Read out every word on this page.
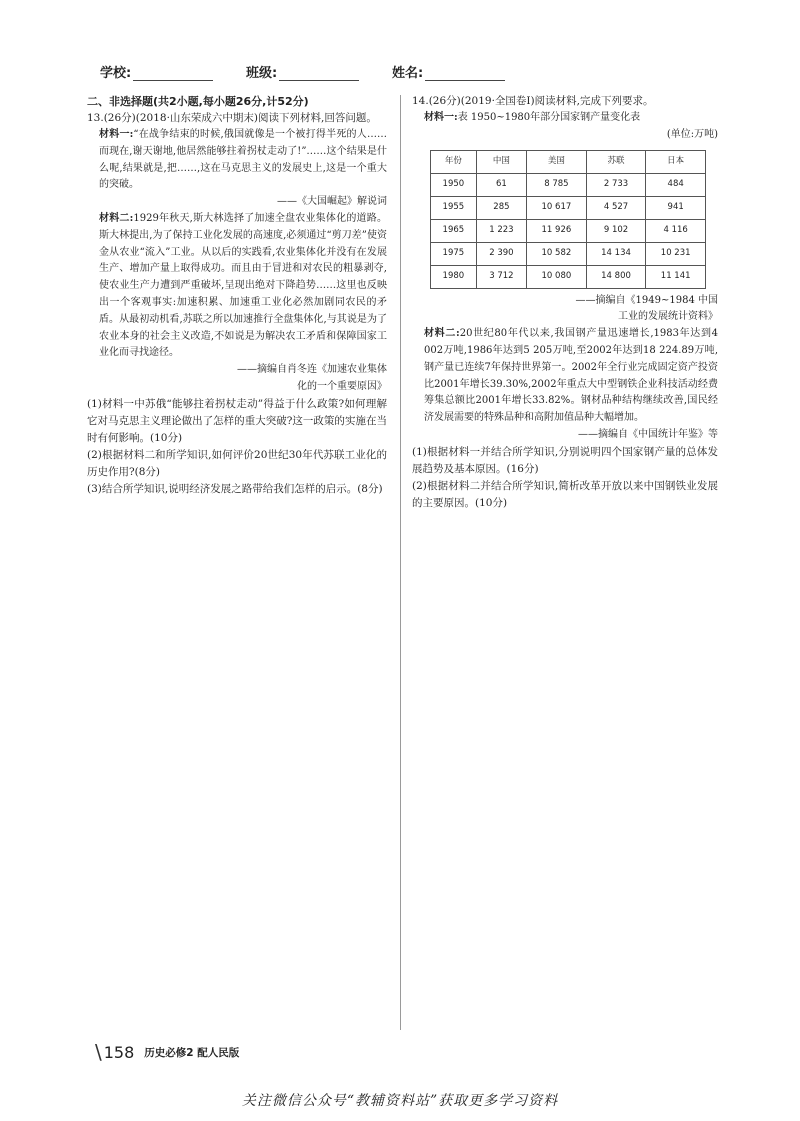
学校:	班级:	姓名:

二、非选择题(共2小题,每小题26分,计52分)

13.(26分)(2018·山东荣成六中期末)阅读下列材料,回答问题。

材料一:“在战争结束的时候,俄国就像是一个被打得半死的人……而现在,谢天谢地,他居然能够拄着拐杖走动了!”……这个结果是什么呢,结果就是,把……,这在马克思主义的发展史上,这是一个重大的突破。

——《大国崛起》解说词

材料二:1929年秋天,斯大林选择了加速全盘农业集体化的道路。斯大林提出,为了保持工业化发展的高速度,必须通过“剪刀差”使资金从农业“流入”工业。从以后的实践看,农业集体化并没有在发展生产、增加产量上取得成功。而且由于冒进和对农民的粗暴剥夺,使农业生产力遭到严重破坏,呈现出绝对下降趋势……这里也反映出一个客观事实:加速积累、加速重工业化必然加剧同农民的矛盾。从最初动机看,苏联之所以加速推行全盘集体化,与其说是为了农业本身的社会主义改造,不如说是为解决农工矛盾和保障国家工业化而寻找途径。

——摘编自肖冬连《加速农业集体

化的一个重要原因》

(1)材料一中苏俄“能够拄着拐杖走动”得益于什么政策?如何理解它对马克思主义理论做出了怎样的重大突破?这一政策的实施在当时有何影响。(10分)

(2)根据材料二和所学知识,如何评价20世纪30年代苏联工业化的历史作用?(8分)

(3)结合所学知识,说明经济发展之路带给我们怎样的启示。(8分)

14.(26分)(2019·全国卷Ⅰ)阅读材料,完成下列要求。

材料一:表 1950~1980年部分国家钢产量变化表

(单位:万吨)

年份	中国	美国	苏联	日本
1950	61	8 785	2 733	484
1955	285	10 617	4 527	941
1965	1 223	11 926	9 102	4 116
1975	2 390	10 582	14 134	10 231
1980	3 712	10 080	14 800	11 141

——摘编自《1949~1984 中国

工业的发展统计资料》

材料二:20世纪80年代以来,我国钢产量迅速增长,1983年达到4 002万吨,1986年达到5 205万吨,至2002年达到18 224.89万吨,钢产量已连续7年保持世界第一。2002年全行业完成固定资产投资比2001年增长39.30%,2002年重点大中型钢铁企业科技活动经费筹集总额比2001年增长33.82%。钢材品种结构继续改善,国民经济发展需要的特殊品种和高附加值品种大幅增加。

——摘编自《中国统计年鉴》等

(1)根据材料一并结合所学知识,分别说明四个国家钢产量的总体发展趋势及基本原因。(16分)

(2)根据材料二并结合所学知识,简析改革开放以来中国钢铁业发展的主要原因。(10分)

\ 158 历史必修2 配人民版
关注微信公众号“教辅资料站”获取更多学习资料
